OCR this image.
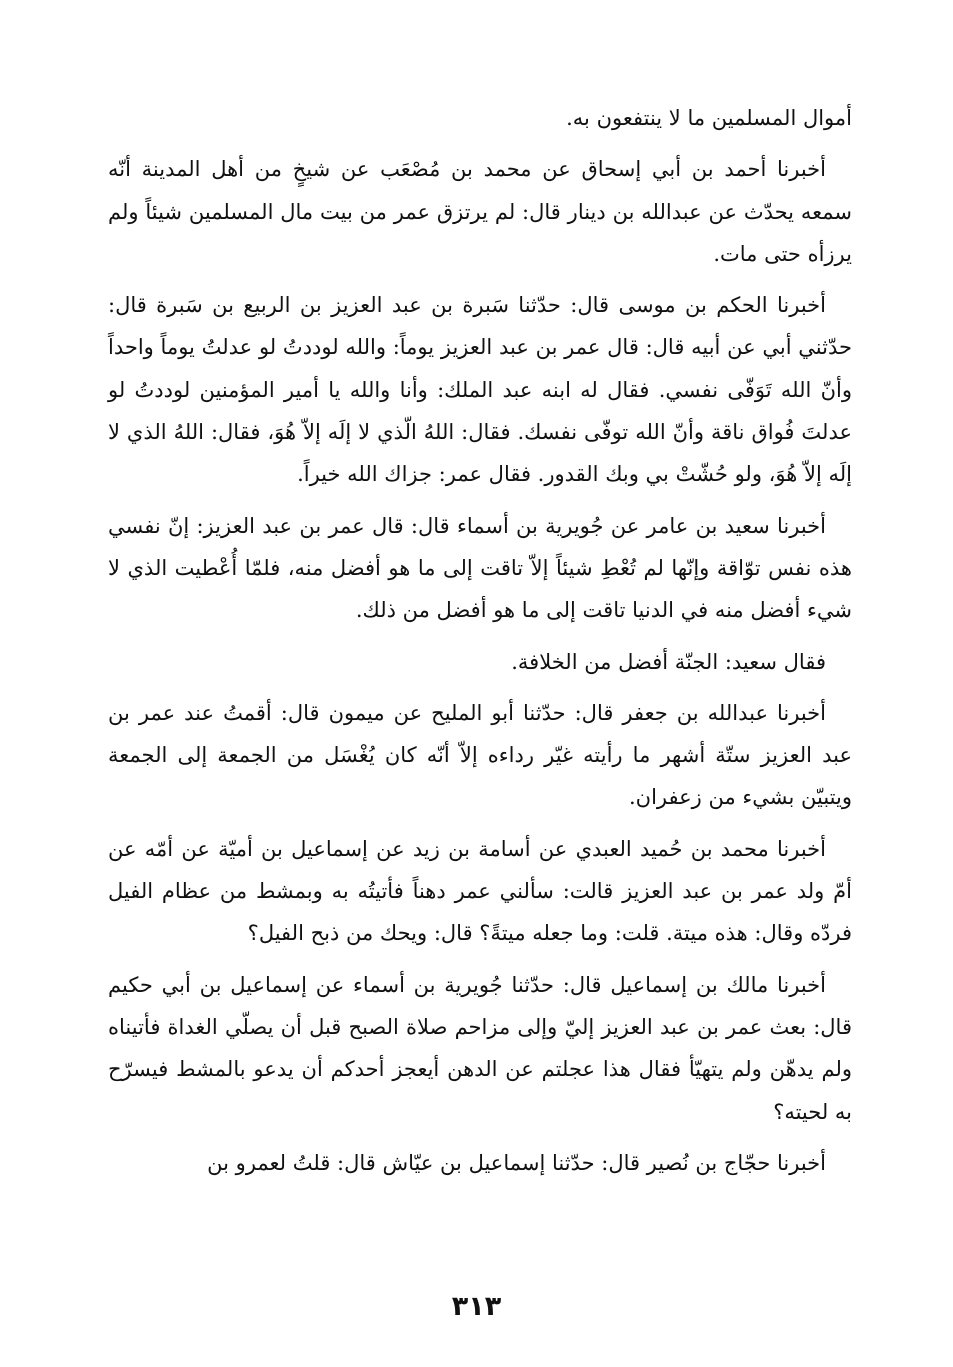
أموال المسلمين ما لا ينتفعون به.

أخبرنا أحمد بن أبي إسحاق عن محمد بن مُصْعَب عن شيخٍ من أهل المدينة أنّه سمعه يحدّث عن عبدالله بن دينار قال: لم يرتزق عمر من بيت مال المسلمين شيئاً ولم يرزأه حتى مات.

أخبرنا الحكم بن موسى قال: حدّثنا سَبرة بن عبد العزيز بن الربيع بن سَبرة قال: حدّثني أبي عن أبيه قال: قال عمر بن عبد العزيز يوماً: والله لوددتُ لو عدلتُ يوماً واحداً وأنّ الله تَوَفّى نفسي. فقال له ابنه عبد الملك: وأنا والله يا أمير المؤمنين لوددتُ لو عدلتَ فُواق ناقة وأنّ الله توفّى نفسك. فقال: اللهُ الّذي لا إلَه إلاّ هُوَ، فقال: اللهُ الذي لا إلَه إلاّ هُوَ، ولو حُشّتْ بي وبك القدور. فقال عمر: جزاك الله خيراً.

أخبرنا سعيد بن عامر عن جُويرية بن أسماء قال: قال عمر بن عبد العزيز: إنّ نفسي هذه نفس توّاقة وإنّها لم تُعْطِ شيئاً إلاّ تاقت إلى ما هو أفضل منه، فلمّا أُعْطيت الذي لا شيء أفضل منه في الدنيا تاقت إلى ما هو أفضل من ذلك.

فقال سعيد: الجنّة أفضل من الخلافة.

أخبرنا عبدالله بن جعفر قال: حدّثنا أبو المليح عن ميمون قال: أقمتُ عند عمر بن عبد العزيز ستّة أشهر ما رأيته غيّر رداءه إلاّ أنّه كان يُغْسَل من الجمعة إلى الجمعة ويتبيّن بشيء من زعفران.

أخبرنا محمد بن حُميد العبدي عن أسامة بن زيد عن إسماعيل بن أميّة عن أمّه عن أمّ ولد عمر بن عبد العزيز قالت: سألني عمر دهناً فأتيتُه به وبمشط من عظام الفيل فردّه وقال: هذه ميتة. قلت: وما جعله ميتةً؟ قال: ويحك من ذبح الفيل؟

أخبرنا مالك بن إسماعيل قال: حدّثنا جُويرية بن أسماء عن إسماعيل بن أبي حكيم قال: بعث عمر بن عبد العزيز إليّ وإلى مزاحم صلاة الصبح قبل أن يصلّي الغداة فأتيناه ولم يدهّن ولم يتهيّأ فقال هذا عجلتم عن الدهن أيعجز أحدكم أن يدعو بالمشط فيسرّح به لحيته؟

أخبرنا حجّاج بن نُصير قال: حدّثنا إسماعيل بن عيّاش قال: قلتُ لعمرو بن

٣١٣
